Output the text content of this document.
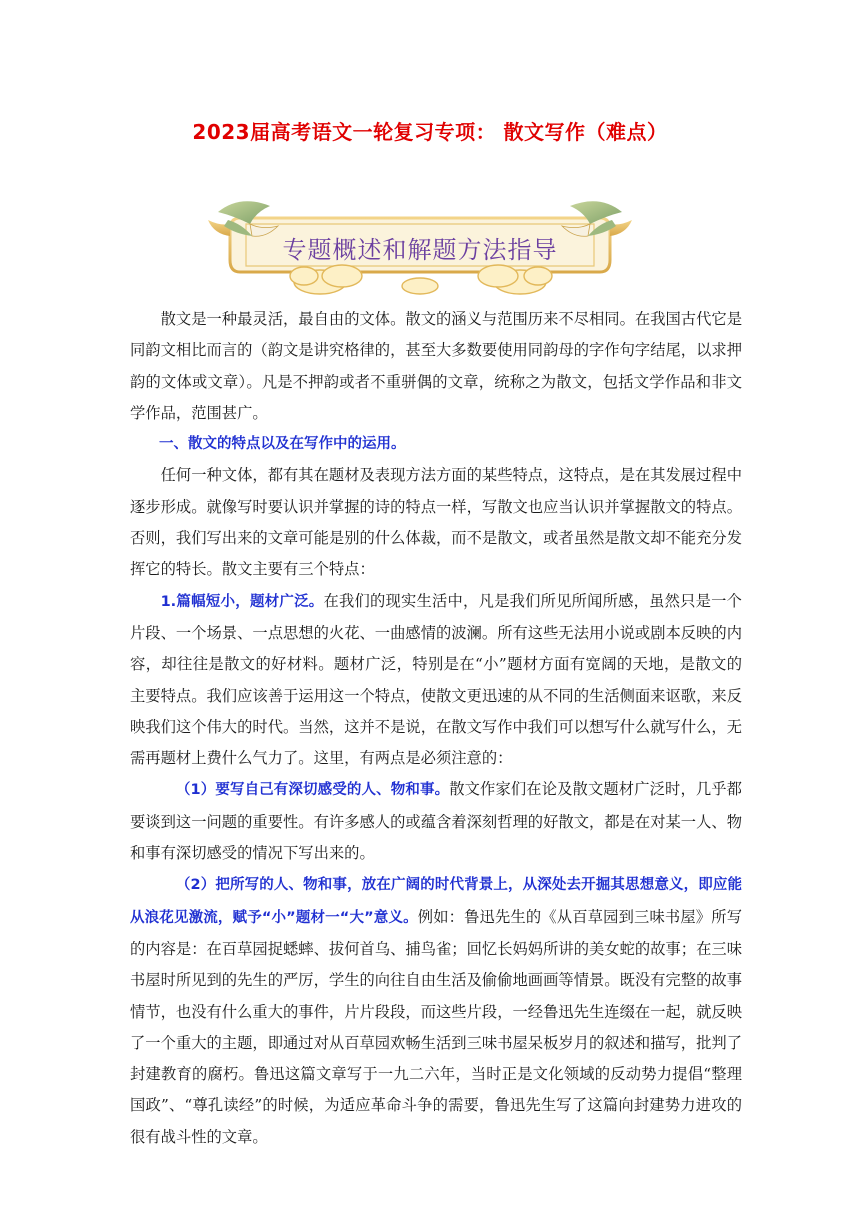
2023届高考语文一轮复习专项： 散文写作（难点）
专题概述和解题方法指导

散文是一种最灵活，最自由的文体。散文的涵义与范围历来不尽相同。在我国古代它是同韵文相比而言的（韵文是讲究格律的，甚至大多数要使用同韵母的字作句字结尾，以求押韵的文体或文章）。凡是不押韵或者不重骈偶的文章，统称之为散文，包括文学作品和非文学作品，范围甚广。

一、散文的特点以及在写作中的运用。

任何一种文体，都有其在题材及表现方法方面的某些特点，这特点，是在其发展过程中逐步形成。就像写时要认识并掌握的诗的特点一样，写散文也应当认识并掌握散文的特点。否则，我们写出来的文章可能是别的什么体裁，而不是散文，或者虽然是散文却不能充分发挥它的特长。散文主要有三个特点：

1.篇幅短小，题材广泛。在我们的现实生活中，凡是我们所见所闻所感，虽然只是一个片段、一个场景、一点思想的火花、一曲感情的波澜。所有这些无法用小说或剧本反映的内容，却往往是散文的好材料。题材广泛，特别是在“小”题材方面有宽阔的天地，是散文的主要特点。我们应该善于运用这一个特点，使散文更迅速的从不同的生活侧面来讴歌，来反映我们这个伟大的时代。当然，这并不是说，在散文写作中我们可以想写什么就写什么，无需再题材上费什么气力了。这里，有两点是必须注意的：

（1）要写自己有深切感受的人、物和事。散文作家们在论及散文题材广泛时，几乎都要谈到这一问题的重要性。有许多感人的或蕴含着深刻哲理的好散文，都是在对某一人、物和事有深切感受的情况下写出来的。

（2）把所写的人、物和事，放在广阔的时代背景上，从深处去开掘其思想意义，即应能从浪花见激流，赋予“小”题材一“大”意义。例如：鲁迅先生的《从百草园到三味书屋》所写的内容是：在百草园捉蟋蟀、拔何首乌、捕鸟雀；回忆长妈妈所讲的美女蛇的故事；在三味书屋时所见到的先生的严厉，学生的向往自由生活及偷偷地画画等情景。既没有完整的故事情节，也没有什么重大的事件，片片段段，而这些片段，一经鲁迅先生连缀在一起，就反映了一个重大的主题，即通过对从百草园欢畅生活到三味书屋呆板岁月的叙述和描写，批判了封建教育的腐朽。鲁迅这篇文章写于一九二六年，当时正是文化领域的反动势力提倡“整理国政”、“尊孔读经”的时候，为适应革命斗争的需要，鲁迅先生写了这篇向封建势力进攻的很有战斗性的文章。
